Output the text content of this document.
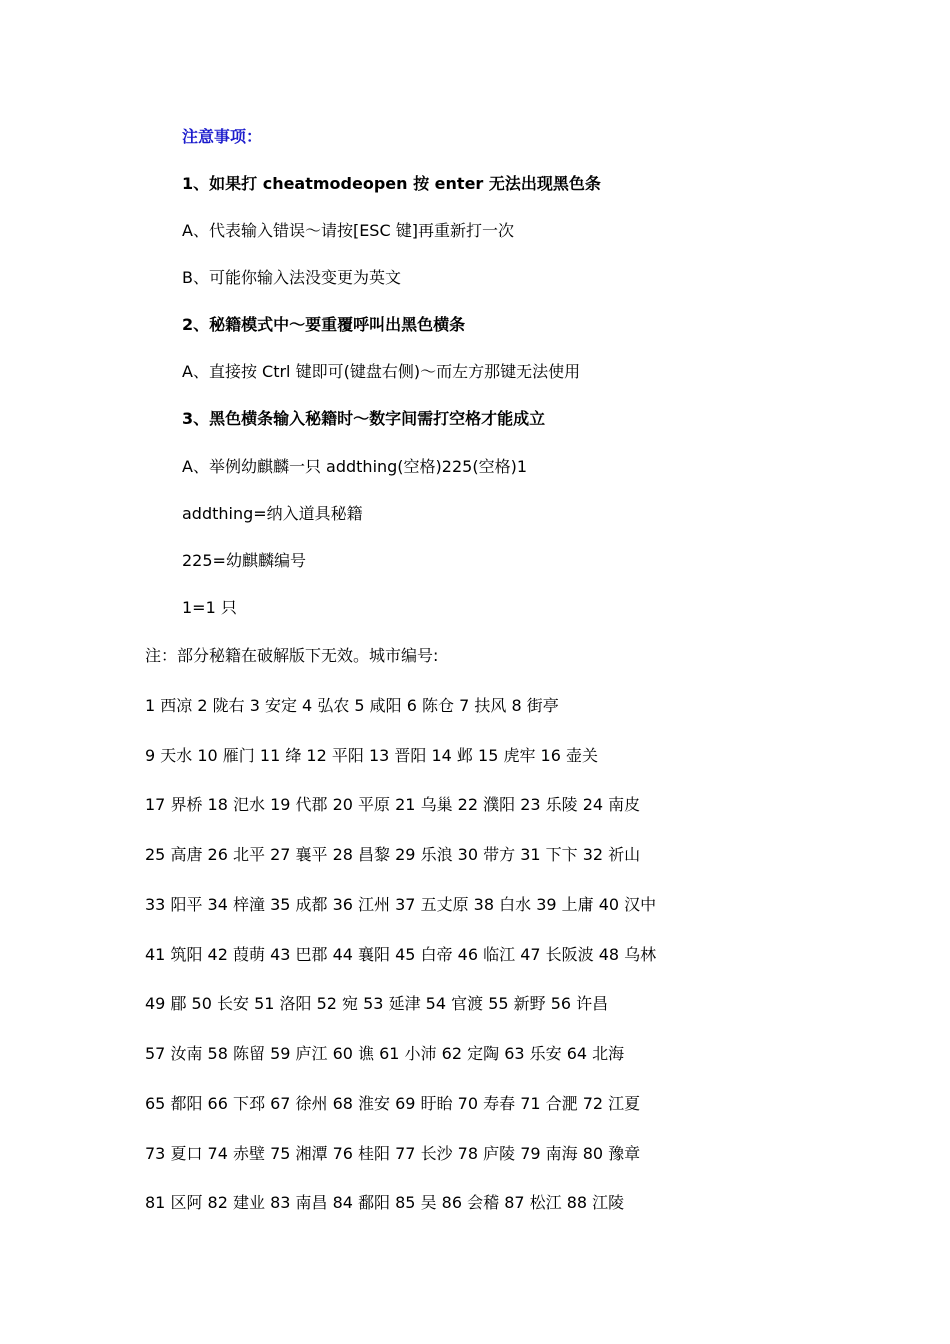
注意事项：
1、如果打 cheatmodeopen 按 enter 无法出现黑色条
A、代表输入错误～请按[ESC 键]再重新打一次
B、可能你输入法没变更为英文
2、秘籍模式中～要重覆呼叫出黑色横条
A、直接按 Ctrl 键即可(键盘右侧)～而左方那键无法使用
3、黑色横条输入秘籍时～数字间需打空格才能成立
A、举例幼麒麟一只 addthing(空格)225(空格)1
addthing=纳入道具秘籍
225=幼麒麟编号
1=1 只
注：部分秘籍在破解版下无效。城市编号:
1 西凉 2 陇右 3 安定 4 弘农 5 咸阳 6 陈仓 7 扶风 8 街亭
9 天水 10 雁门 11 绛 12 平阳 13 晋阳 14 邺 15 虎牢 16 壶关
17 界桥 18 汜水 19 代郡 20 平原 21 乌巢 22 濮阳 23 乐陵 24 南皮
25 高唐 26 北平 27 襄平 28 昌黎 29 乐浪 30 带方 31 下卞 32 祈山
33 阳平 34 梓潼 35 成都 36 江州 37 五丈原 38 白水 39 上庸 40 汉中
41 筑阳 42 葭萌 43 巴郡 44 襄阳 45 白帝 46 临江 47 长阪波 48 乌林
49 郿 50 长安 51 洛阳 52 宛 53 延津 54 官渡 55 新野 56 许昌
57 汝南 58 陈留 59 庐江 60 谯 61 小沛 62 定陶 63 乐安 64 北海
65 都阳 66 下邳 67 徐州 68 淮安 69 盱眙 70 寿春 71 合淝 72 江夏
73 夏口 74 赤壁 75 湘潭 76 桂阳 77 长沙 78 庐陵 79 南海 80 豫章
81 区阿 82 建业 83 南昌 84 鄱阳 85 吴 86 会稽 87 松江 88 江陵
